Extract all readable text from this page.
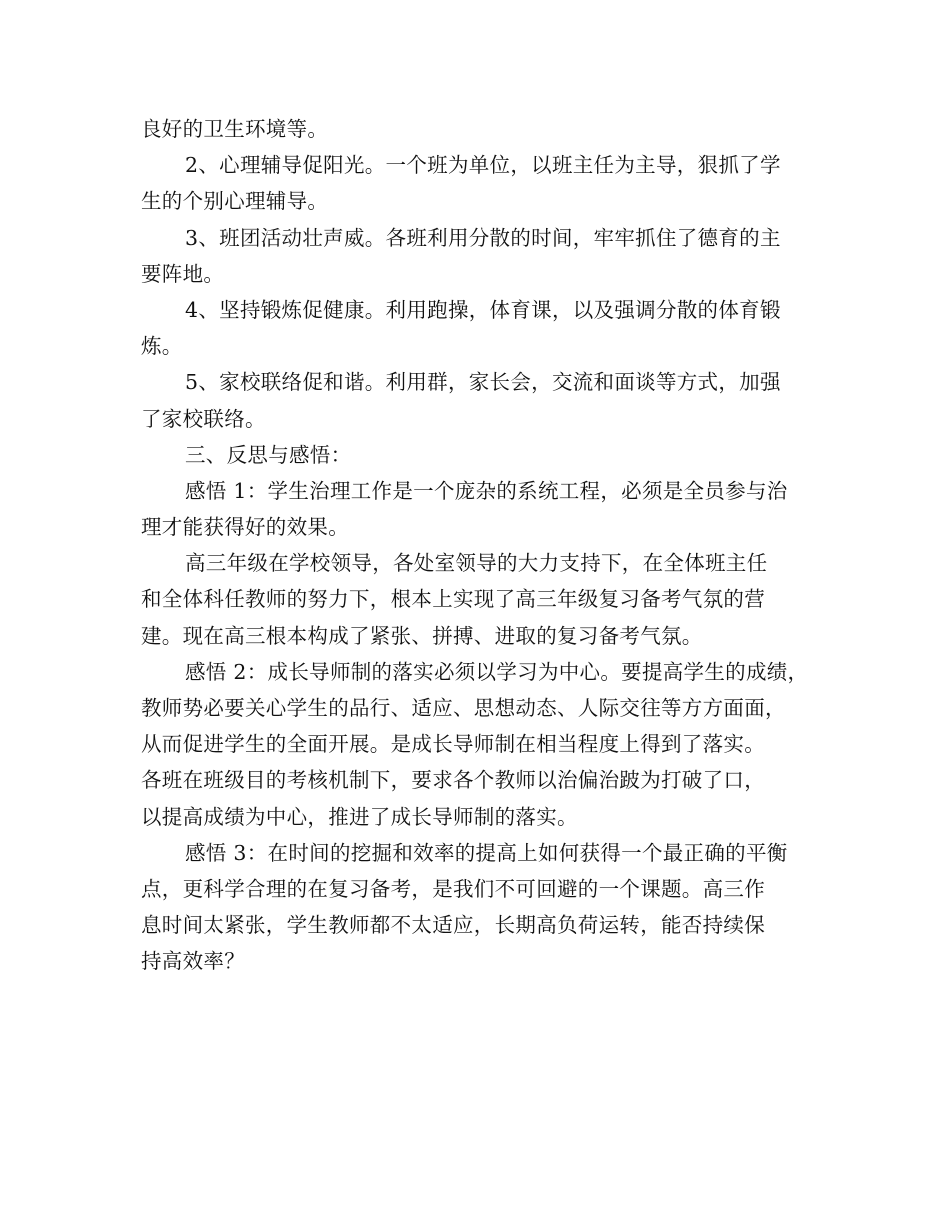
良好的卫生环境等。
2、心理辅导促阳光。一个班为单位，以班主任为主导，狠抓了学
生的个别心理辅导。
3、班团活动壮声威。各班利用分散的时间，牢牢抓住了德育的主
要阵地。
4、坚持锻炼促健康。利用跑操，体育课，以及强调分散的体育锻
炼。
5、家校联络促和谐。利用群，家长会，交流和面谈等方式，加强
了家校联络。
三、反思与感悟：
感悟 1：学生治理工作是一个庞杂的系统工程，必须是全员参与治
理才能获得好的效果。
高三年级在学校领导，各处室领导的大力支持下，在全体班主任
和全体科任教师的努力下，根本上实现了高三年级复习备考气氛的营
建。现在高三根本构成了紧张、拼搏、进取的复习备考气氛。
感悟 2：成长导师制的落实必须以学习为中心。要提高学生的成绩，
教师势必要关心学生的品行、适应、思想动态、人际交往等方方面面，
从而促进学生的全面开展。是成长导师制在相当程度上得到了落实。
各班在班级目的考核机制下，要求各个教师以治偏治跛为打破了口，
以提高成绩为中心，推进了成长导师制的落实。
感悟 3：在时间的挖掘和效率的提高上如何获得一个最正确的平衡
点，更科学合理的在复习备考，是我们不可回避的一个课题。高三作
息时间太紧张，学生教师都不太适应，长期高负荷运转，能否持续保
持高效率？
